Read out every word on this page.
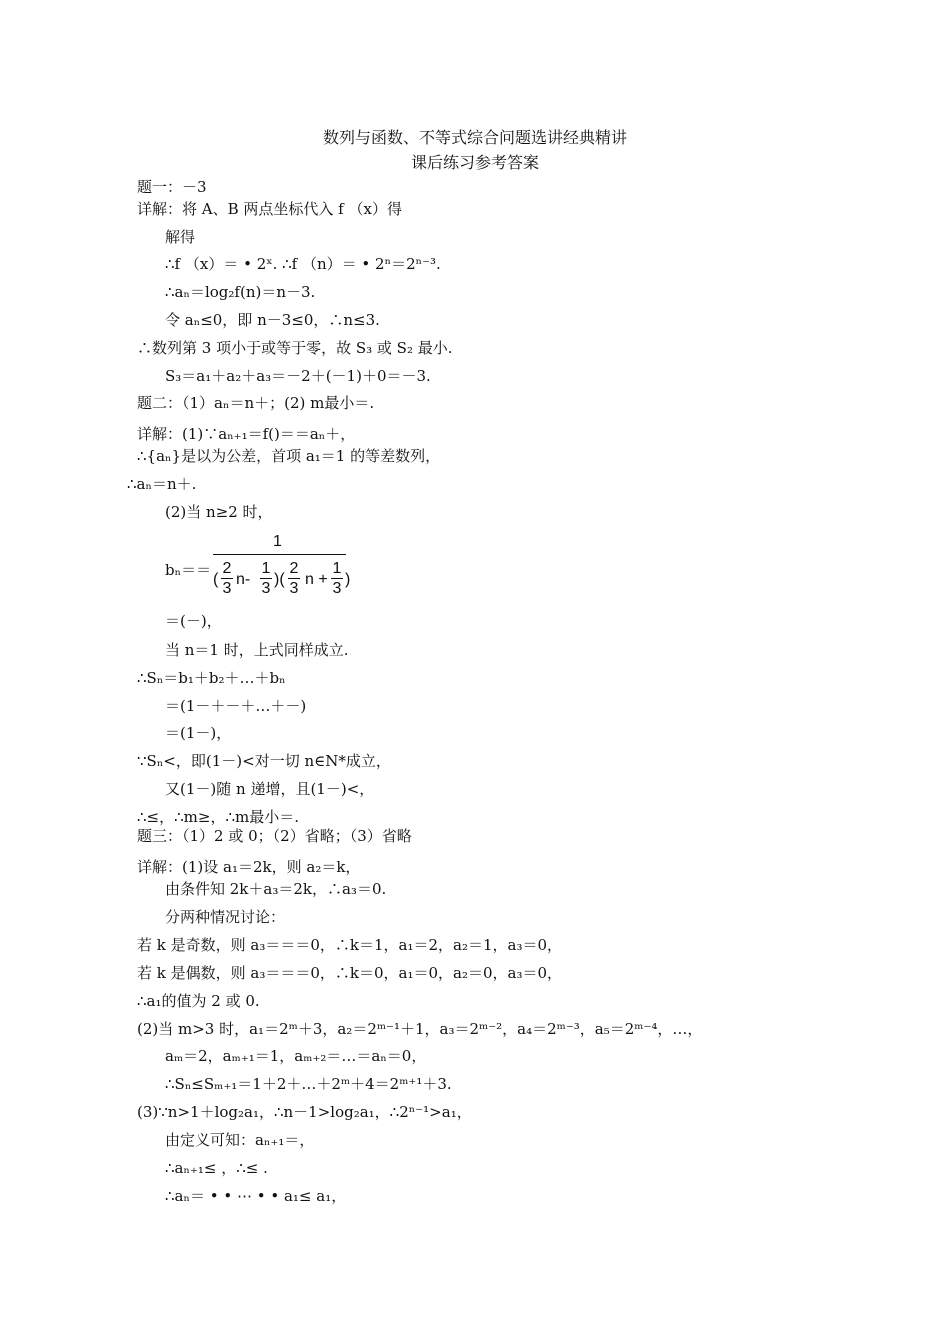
数列与函数、不等式综合问题选讲经典精讲
课后练习参考答案
题一：－3
详解：将 A、B 两点坐标代入 f （x）得
解得
∴f （x）＝ • 2ˣ. ∴f （n）＝ • 2ⁿ＝2ⁿ⁻³.
∴aₙ＝log₂f(n)＝n－3.
令 aₙ≤0，即 n－3≤0，∴n≤3.
∴数列第 3 项小于或等于零，故 S₃ 或 S₂ 最小.
S₃＝a₁＋a₂＋a₃＝－2＋(－1)＋0＝－3.
题二：（1）aₙ＝n＋；(2) m最小＝.
详解：(1)∵aₙ₊₁＝f()＝＝aₙ＋，
∴{aₙ}是以为公差，首项 a₁＝1 的等差数列，
∴aₙ＝n＋.
(2)当 n≥2 时，
bₙ＝＝
1
(
2
3
n-
1
3
)(
2
3
n +
1
3
)
＝(－)，
当 n＝1 时，上式同样成立.
∴Sₙ＝b₁＋b₂＋…＋bₙ
＝(1－＋－＋…＋－)
＝(1－)，
∵Sₙ<，即(1－)<对一切 n∈N*成立，
又(1－)随 n 递增，且(1－)<，
∴≤，∴m≥，∴m最小＝.
题三：（1）2 或 0；（2）省略；（3）省略
详解：(1)设 a₁＝2k，则 a₂＝k，
由条件知 2k＋a₃＝2k，∴a₃＝0.
分两种情况讨论：
若 k 是奇数，则 a₃＝＝＝0，∴k＝1，a₁＝2，a₂＝1，a₃＝0，
若 k 是偶数，则 a₃＝＝＝0，∴k＝0，a₁＝0，a₂＝0，a₃＝0，
∴a₁的值为 2 或 0.
(2)当 m>3 时，a₁＝2ᵐ＋3，a₂＝2ᵐ⁻¹＋1，a₃＝2ᵐ⁻²，a₄＝2ᵐ⁻³，a₅＝2ᵐ⁻⁴，…，
aₘ＝2，aₘ₊₁＝1，aₘ₊₂＝…＝aₙ＝0，
∴Sₙ≤Sₘ₊₁＝1＋2＋…＋2ᵐ＋4＝2ᵐ⁺¹＋3.
(3)∵n>1＋log₂a₁，∴n－1>log₂a₁，∴2ⁿ⁻¹>a₁，
由定义可知：aₙ₊₁＝，
∴aₙ₊₁≤ ，∴≤ .
∴aₙ＝ • • ⋯ • • a₁≤ a₁，
